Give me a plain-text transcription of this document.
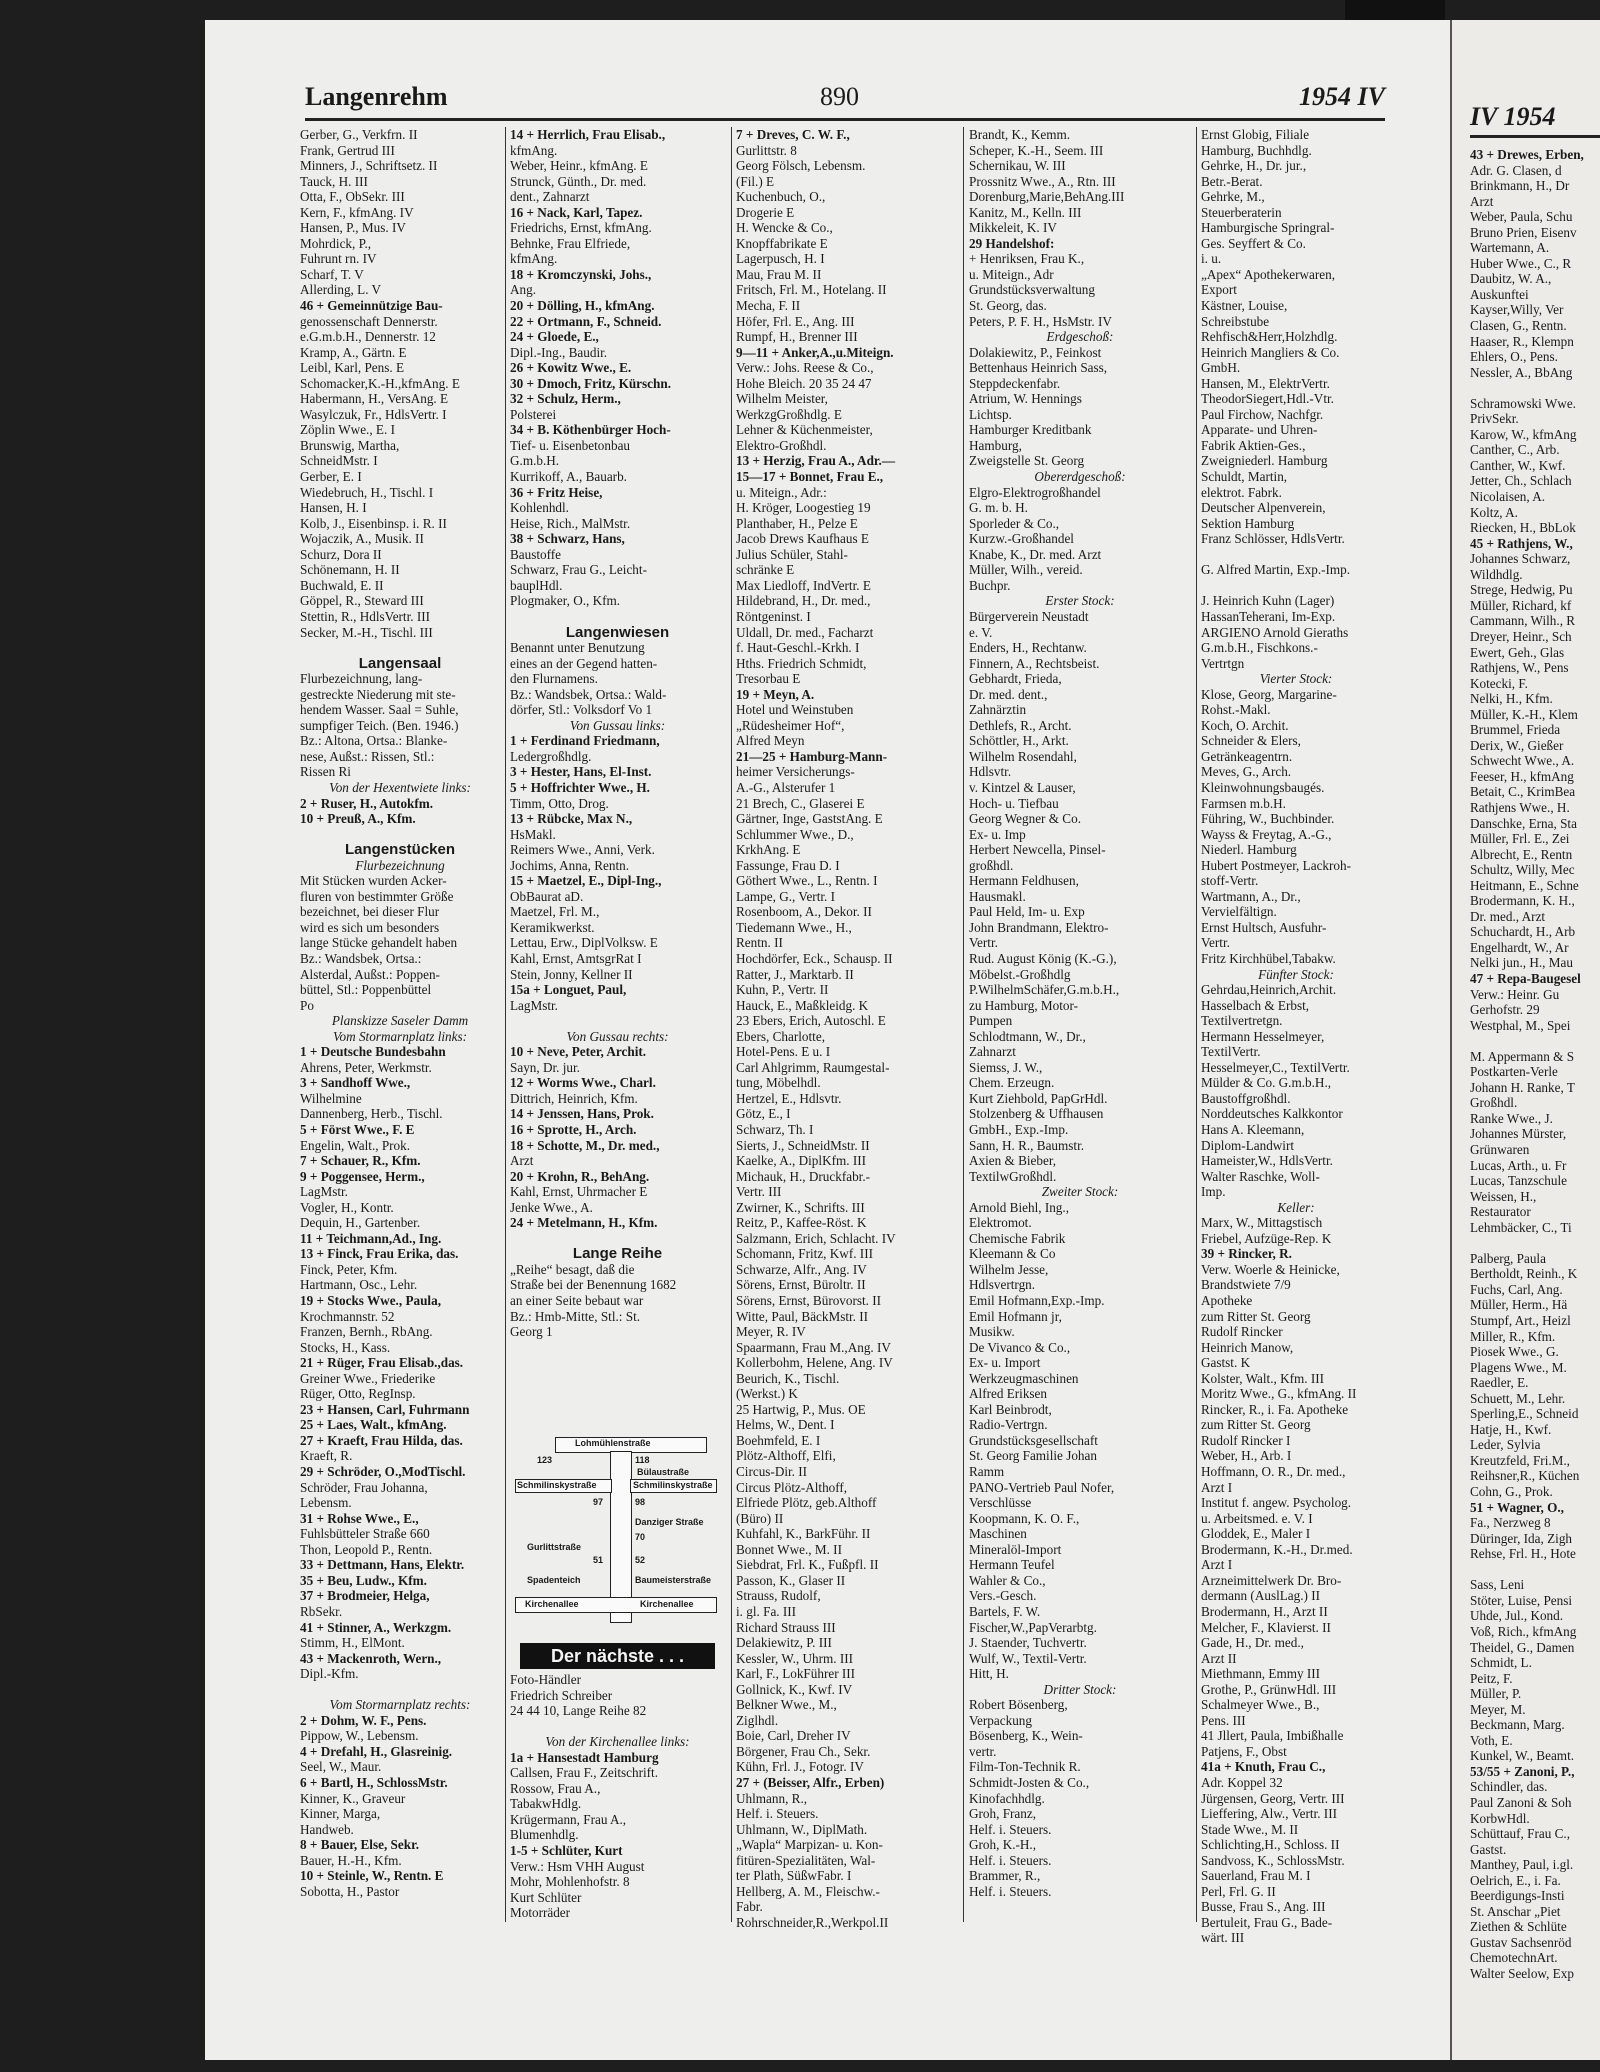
IV 1954
43 + Drewes, Erben,
Adr. G. Clasen, d
Brinkmann, H., Dr
Arzt
Weber, Paula, Schu
Bruno Prien, Eisenv
Wartemann, A.
Huber Wwe., C., R
Daubitz, W. A.,
Auskunftei
Kayser,Willy, Ver
Clasen, G., Rentn.
Haaser, R., Klempn
Ehlers, O., Pens.
Nessler, A., BbAng
Schramowski Wwe.
PrivSekr.
Karow, W., kfmAng
Canther, C., Arb.
Canther, W., Kwf.
Jetter, Ch., Schlach
Nicolaisen, A.
Koltz, A.
Riecken, H., BbLok
45 + Rathjens, W.,
Johannes Schwarz,
Wildhdlg.
Strege, Hedwig, Pu
Müller, Richard, kf
Cammann, Wilh., R
Dreyer, Heinr., Sch
Ewert, Geh., Glas
Rathjens, W., Pens
Kotecki, F.
Nelki, H., Kfm.
Müller, K.-H., Klem
Brummel, Frieda
Derix, W., Gießer
Schwecht Wwe., A.
Feeser, H., kfmAng
Betait, C., KrimBea
Rathjens Wwe., H.
Danschke, Erna, Sta
Müller, Frl. E., Zei
Albrecht, E., Rentn
Schultz, Willy, Mec
Heitmann, E., Schne
Brodermann, K. H.,
Dr. med., Arzt
Schuchardt, H., Arb
Engelhardt, W., Ar
Nelki jun., H., Mau
47 + Repa-Baugesel
Verw.: Heinr. Gu
Gerhofstr. 29
Westphal, M., Spei
M. Appermann & S
Postkarten-Verle
Johann H. Ranke, T
Großhdl.
Ranke Wwe., J.
Johannes Mürster,
Grünwaren
Lucas, Arth., u. Fr
Lucas, Tanzschule
Weissen, H.,
Restaurator
Lehmbäcker, C., Ti
Palberg, Paula
Bertholdt, Reinh., K
Fuchs, Carl, Ang.
Müller, Herm., Hä
Stumpf, Art., Heizl
Miller, R., Kfm.
Piosek Wwe., G.
Plagens Wwe., M.
Raedler, E.
Schuett, M., Lehr.
Sperling,E., Schneid
Hatje, H., Kwf.
Leder, Sylvia
Kreutzfeld, Fri.M.,
Reihsner,R., Küchen
Cohn, G., Prok.
51 + Wagner, O.,
Fa., Nerzweg 8
Düringer, Ida, Zigh
Rehse, Frl. H., Hote
Sass, Leni
Stöter, Luise, Pensi
Uhde, Jul., Kond.
Voß, Rich., kfmAng
Theidel, G., Damen
Schmidt, L.
Peitz, F.
Müller, P.
Meyer, M.
Beckmann, Marg.
Voth, E.
Kunkel, W., Beamt.
53/55 + Zanoni, P.,
Schindler, das.
Paul Zanoni & Soh
KorbwHdl.
Schüttauf, Frau C.,
Gastst.
Manthey, Paul, i.gl.
Oelrich, E., i. Fa.
Beerdigungs-Insti
St. Anschar „Piet
Ziethen & Schlüte
Gustav Sachsenröd
ChemotechnArt.
Walter Seelow, Exp
Langenrehm	890	1954 IV
Gerber, G., Verkfrn. II
Frank, Gertrud III
Minners, J., Schriftsetz. II
Tauck, H. III
Otta, F., ObSekr. III
Kern, F., kfmAng. IV
Hansen, P., Mus. IV
Mohrdick, P.,
Fuhrunt rn. IV
Scharf, T. V
Allerding, L. V
46 + Gemeinnützige Bau-
genossenschaft Dennerstr.
e.G.m.b.H., Dennerstr. 12
Kramp, A., Gärtn. E
Leibl, Karl, Pens. E
Schomacker,K.-H.,kfmAng. E
Habermann, H., VersAng. E
Wasylczuk, Fr., HdlsVertr. I
Zöplin Wwe., E. I
Brunswig, Martha,
SchneidMstr. I
Gerber, E. I
Wiedebruch, H., Tischl. I
Hansen, H. I
Kolb, J., Eisenbinsp. i. R. II
Wojaczik, A., Musik. II
Schurz, Dora II
Schönemann, H. II
Buchwald, E. II
Göppel, R., Steward III
Stettin, R., HdlsVertr. III
Secker, M.-H., Tischl. III
Langensaal
Flurbezeichnung, lang-
gestreckte Niederung mit ste-
hendem Wasser. Saal = Suhle,
sumpfiger Teich. (Ben. 1946.)
Bz.: Altona, Ortsa.: Blanke-
nese, Außst.: Rissen, Stl.:
Rissen Ri
Von der Hexentwiete links:
2 + Ruser, H., Autokfm.
10 + Preuß, A., Kfm.
Langenstücken
Flurbezeichnung
Mit Stücken wurden Acker-
fluren von bestimmter Größe
bezeichnet, bei dieser Flur
wird es sich um besonders
lange Stücke gehandelt haben
Bz.: Wandsbek, Ortsa.:
Alsterdal, Außst.: Poppen-
büttel, Stl.: Poppenbüttel
Po
Planskizze Saseler Damm
Vom Stormarnplatz links:
1 + Deutsche Bundesbahn
Ahrens, Peter, Werkmstr.
3 + Sandhoff Wwe.,
Wilhelmine
Dannenberg, Herb., Tischl.
5 + Först Wwe., F. E
Engelin, Walt., Prok.
7 + Schauer, R., Kfm.
9 + Poggensee, Herm.,
LagMstr.
Vogler, H., Kontr.
Dequin, H., Gartenber.
11 + Teichmann,Ad., Ing.
13 + Finck, Frau Erika, das.
Finck, Peter, Kfm.
Hartmann, Osc., Lehr.
19 + Stocks Wwe., Paula,
Krochmannstr. 52
Franzen, Bernh., RbAng.
Stocks, H., Kass.
21 + Rüger, Frau Elisab.,das.
Greiner Wwe., Friederike
Rüger, Otto, RegInsp.
23 + Hansen, Carl, Fuhrmann
25 + Laes, Walt., kfmAng.
27 + Kraeft, Frau Hilda, das.
Kraeft, R.
29 + Schröder, O.,ModTischl.
Schröder, Frau Johanna,
Lebensm.
31 + Rohse Wwe., E.,
Fuhlsbütteler Straße 660
Thon, Leopold P., Rentn.
33 + Dettmann, Hans, Elektr.
35 + Beu, Ludw., Kfm.
37 + Brodmeier, Helga,
RbSekr.
41 + Stinner, A., Werkzgm.
Stimm, H., ElMont.
43 + Mackenroth, Wern.,
Dipl.-Kfm.
Vom Stormarnplatz rechts:
2 + Dohm, W. F., Pens.
Pippow, W., Lebensm.
4 + Drefahl, H., Glasreinig.
Seel, W., Maur.
6 + Bartl, H., SchlossMstr.
Kinner, K., Graveur
Kinner, Marga,
Handweb.
8 + Bauer, Else, Sekr.
Bauer, H.-H., Kfm.
10 + Steinle, W., Rentn. E
Sobotta, H., Pastor
14 + Herrlich, Frau Elisab.,
kfmAng.
Weber, Heinr., kfmAng. E
Strunck, Günth., Dr. med.
dent., Zahnarzt
16 + Nack, Karl, Tapez.
Friedrichs, Ernst, kfmAng.
Behnke, Frau Elfriede,
kfmAng.
18 + Kromczynski, Johs.,
Ang.
20 + Dölling, H., kfmAng.
22 + Ortmann, F., Schneid.
24 + Gloede, E.,
Dipl.-Ing., Baudir.
26 + Kowitz Wwe., E.
30 + Dmoch, Fritz, Kürschn.
32 + Schulz, Herm.,
Polsterei
34 + B. Köthenbürger Hoch-
Tief- u. Eisenbetonbau
G.m.b.H.
Kurrikoff, A., Bauarb.
36 + Fritz Heise,
Kohlenhdl.
Heise, Rich., MalMstr.
38 + Schwarz, Hans,
Baustoffe
Schwarz, Frau G., Leicht-
bauplHdl.
Plogmaker, O., Kfm.
Langenwiesen
Benannt unter Benutzung
eines an der Gegend hatten-
den Flurnamens.
Bz.: Wandsbek, Ortsa.: Wald-
dörfer, Stl.: Volksdorf Vo 1
Von Gussau links:
1 + Ferdinand Friedmann,
Ledergroßhdlg.
3 + Hester, Hans, El-Inst.
5 + Hoffrichter Wwe., H.
Timm, Otto, Drog.
13 + Rübcke, Max N.,
HsMakl.
Reimers Wwe., Anni, Verk.
Jochims, Anna, Rentn.
15 + Maetzel, E., Dipl-Ing.,
ObBaurat aD.
Maetzel, Frl. M.,
Keramikwerkst.
Lettau, Erw., DiplVolksw. E
Kahl, Ernst, AmtsgrRat I
Stein, Jonny, Kellner II
15a + Longuet, Paul,
LagMstr.
Von Gussau rechts:
10 + Neve, Peter, Archit.
Sayn, Dr. jur.
12 + Worms Wwe., Charl.
Dittrich, Heinrich, Kfm.
14 + Jenssen, Hans, Prok.
16 + Sprotte, H., Arch.
18 + Schotte, M., Dr. med.,
Arzt
20 + Krohn, R., BehAng.
Kahl, Ernst, Uhrmacher E
Jenke Wwe., A.
24 + Metelmann, H., Kfm.
Lange Reihe
„Reihe“ besagt, daß die
Straße bei der Benennung 1682
an einer Seite bebaut war
Bz.: Hmb-Mitte, Stl.: St.
Georg 1
7 + Dreves, C. W. F.,
Gurlittstr. 8
Georg Fölsch, Lebensm.
(Fil.) E
Kuchenbuch, O.,
Drogerie E
H. Wencke & Co.,
Knopffabrikate E
Lagerpusch, H. I
Mau, Frau M. II
Fritsch, Frl. M., Hotelang. II
Mecha, F. II
Höfer, Frl. E., Ang. III
Rumpf, H., Brenner III
9—11 + Anker,A.,u.Miteign.
Verw.: Johs. Reese & Co.,
Hohe Bleich. 20 35 24 47
Wilhelm Meister,
WerkzgGroßhdlg. E
Lehner & Küchenmeister,
Elektro-Großhdl.
13 + Herzig, Frau A., Adr.—
15—17 + Bonnet, Frau E.,
u. Miteign., Adr.:
H. Kröger, Loogestieg 19
Planthaber, H., Pelze E
Jacob Drews Kaufhaus E
Julius Schüler, Stahl-
schränke E
Max Liedloff, IndVertr. E
Hildebrand, H., Dr. med.,
Röntgeninst. I
Uldall, Dr. med., Facharzt
f. Haut-Geschl.-Krkh. I
Hths. Friedrich Schmidt,
Tresorbau E
19 + Meyn, A.
Hotel und Weinstuben
„Rüdesheimer Hof“,
Alfred Meyn
21—25 + Hamburg-Mann-
heimer Versicherungs-
A.-G., Alsterufer 1
21 Brech, C., Glaserei E
Gärtner, Inge, GaststAng. E
Schlummer Wwe., D.,
KrkhAng. E
Fassunge, Frau D. I
Göthert Wwe., L., Rentn. I
Lampe, G., Vertr. I
Rosenboom, A., Dekor. II
Tiedemann Wwe., H.,
Rentn. II
Hochdörfer, Eck., Schausp. II
Ratter, J., Marktarb. II
Kuhn, P., Vertr. II
Hauck, E., Maßkleidg. K
23 Ebers, Erich, Autoschl. E
Ebers, Charlotte,
Hotel-Pens. E u. I
Carl Ahlgrimm, Raumgestal-
tung, Möbelhdl.
Hertzel, E., Hdlsvtr.
Götz, E., I
Schwarz, Th. I
Sierts, J., SchneidMstr. II
Kaelke, A., DiplKfm. III
Michauk, H., Druckfabr.-
Vertr. III
Zwirner, K., Schrifts. III
Reitz, P., Kaffee-Röst. K
Salzmann, Erich, Schlacht. IV
Schomann, Fritz, Kwf. III
Schwarze, Alfr., Ang. IV
Sörens, Ernst, Büroltr. II
Sörens, Ernst, Bürovorst. II
Witte, Paul, BäckMstr. II
Meyer, R. IV
Spaarmann, Frau M.,Ang. IV
Kollerbohm, Helene, Ang. IV
Beurich, K., Tischl.
(Werkst.) K
25 Hartwig, P., Mus. OE
Helms, W., Dent. I
Boehmfeld, E. I
Plötz-Althoff, Elfi,
Circus-Dir. II
Circus Plötz-Althoff,
Elfriede Plötz, geb.Althoff
(Büro) II
Kuhfahl, K., BarkFühr. II
Bonnet Wwe., M. II
Siebdrat, Frl. K., Fußpfl. II
Passon, K., Glaser II
Strauss, Rudolf,
i. gl. Fa. III
Richard Strauss III
Delakiewitz, P. III
Kessler, W., Uhrm. III
Karl, F., LokFührer III
Gollnick, K., Kwf. IV
Belkner Wwe., M.,
Ziglhdl.
Boie, Carl, Dreher IV
Börgener, Frau Ch., Sekr.
Kühn, Frl. J., Fotogr. IV
27 + (Beisser, Alfr., Erben)
Uhlmann, R.,
Helf. i. Steuers.
Uhlmann, W., DiplMath.
„Wapla“ Marpizan- u. Kon-
fitüren-Spezialitäten, Wal-
ter Plath, SüßwFabr. I
Hellberg, A. M., Fleischw.-
Fabr.
Rohrschneider,R.,Werkpol.II
Brandt, K., Kemm.
Scheper, K.-H., Seem. III
Schernikau, W. III
Prossnitz Wwe., A., Rtn. III
Dorenburg,Marie,BehAng.III
Kanitz, M., Kelln. III
Mikkeleit, K. IV
29 Handelshof:
+ Henriksen, Frau K.,
u. Miteign., Adr
Grundstücksverwaltung
St. Georg, das.
Peters, P. F. H., HsMstr. IV
Erdgeschoß:
Dolakiewitz, P., Feinkost
Bettenhaus Heinrich Sass,
Steppdeckenfabr.
Atrium, W. Hennings
Lichtsp.
Hamburger Kreditbank
Hamburg,
Zweigstelle St. Georg
Obererdgeschoß:
Elgro-Elektrogroßhandel
G. m. b. H.
Sporleder & Co.,
Kurzw.-Großhandel
Knabe, K., Dr. med. Arzt
Müller, Wilh., vereid.
Buchpr.
Erster Stock:
Bürgerverein Neustadt
e. V.
Enders, H., Rechtanw.
Finnern, A., Rechtsbeist.
Gebhardt, Frieda,
Dr. med. dent.,
Zahnärztin
Dethlefs, R., Archt.
Schöttler, H., Arkt.
Wilhelm Rosendahl,
Hdlsvtr.
v. Kintzel & Lauser,
Hoch- u. Tiefbau
Georg Wegner & Co.
Ex- u. Imp
Herbert Newcella, Pinsel-
großhdl.
Hermann Feldhusen,
Hausmakl.
Paul Held, Im- u. Exp
John Brandmann, Elektro-
Vertr.
Rud. August König (K.-G.),
Möbelst.-Großhdlg
P.WilhelmSchäfer,G.m.b.H.,
zu Hamburg, Motor-
Pumpen
Schlodtmann, W., Dr.,
Zahnarzt
Siemss, J. W.,
Chem. Erzeugn.
Kurt Ziehbold, PapGrHdl.
Stolzenberg & Uffhausen
GmbH., Exp.-Imp.
Sann, H. R., Baumstr.
Axien & Bieber,
TextilwGroßhdl.
Zweiter Stock:
Arnold Biehl, Ing.,
Elektromot.
Chemische Fabrik
Kleemann & Co
Wilhelm Jesse,
Hdlsvertrgn.
Emil Hofmann,Exp.-Imp.
Emil Hofmann jr,
Musikw.
De Vivanco & Co.,
Ex- u. Import
Werkzeugmaschinen
Alfred Eriksen
Karl Beinbrodt,
Radio-Vertrgn.
Grundstücksgesellschaft
St. Georg Familie Johan
Ramm
PANO-Vertrieb Paul Nofer,
Verschlüsse
Koopmann, K. O. F.,
Maschinen
Mineralöl-Import
Hermann Teufel
Wahler & Co.,
Vers.-Gesch.
Bartels, F. W.
Fischer,W.,PapVerarbtg.
J. Staender, Tuchvertr.
Wulf, W., Textil-Vertr.
Hitt, H.
Dritter Stock:
Robert Bösenberg,
Verpackung
Bösenberg, K., Wein-
vertr.
Film-Ton-Technik R.
Schmidt-Josten & Co.,
Kinofachhdlg.
Groh, Franz,
Helf. i. Steuers.
Groh, K.-H.,
Helf. i. Steuers.
Brammer, R.,
Helf. i. Steuers.
Ernst Globig, Filiale
Hamburg, Buchhdlg.
Gehrke, H., Dr. jur.,
Betr.-Berat.
Gehrke, M.,
Steuerberaterin
Hamburgische Springral-
Ges. Seyffert & Co.
i. u.
„Apex“ Apothekerwaren,
Export
Kästner, Louise,
Schreibstube
Rehfisch&Herr,Holzhdlg.
Heinrich Mangliers & Co.
GmbH.
Hansen, M., ElektrVertr.
TheodorSiegert,Hdl.-Vtr.
Paul Firchow, Nachfgr.
Apparate- und Uhren-
Fabrik Aktien-Ges.,
Zweigniederl. Hamburg
Schuldt, Martin,
elektrot. Fabrk.
Deutscher Alpenverein,
Sektion Hamburg
Franz Schlösser, HdlsVertr.
G. Alfred Martin, Exp.-Imp.
J. Heinrich Kuhn (Lager)
HassanTeherani, Im-Exp.
ARGIENO Arnold Gieraths
G.m.b.H., Fischkons.-
Vertrtgn
Vierter Stock:
Klose, Georg, Margarine-
Rohst.-Makl.
Koch, O. Archit.
Schneider & Elers,
Getränkeagentrn.
Meves, G., Arch.
Kleinwohnungsbaugés.
Farmsen m.b.H.
Führing, W., Buchbinder.
Wayss & Freytag, A.-G.,
Niederl. Hamburg
Hubert Postmeyer, Lackroh-
stoff-Vertr.
Wartmann, A., Dr.,
Vervielfältign.
Ernst Hultsch, Ausfuhr-
Vertr.
Fritz Kirchhübel,Tabakw.
Fünfter Stock:
Gehrdau,Heinrich,Archit.
Hasselbach & Erbst,
Textilvertretgn.
Hermann Hesselmeyer,
TextilVertr.
Hesselmeyer,C., TextilVertr.
Mülder & Co. G.m.b.H.,
Baustoffgroßhdl.
Norddeutsches Kalkkontor
Hans A. Kleemann,
Diplom-Landwirt
Hameister,W., HdlsVertr.
Walter Raschke, Woll-
Imp.
Keller:
Marx, W., Mittagstisch
Friebel, Aufzüge-Rep. K
39 + Rincker, R.
Verw. Woerle & Heinicke,
Brandstwiete 7/9
Apotheke
zum Ritter St. Georg
Rudolf Rincker
Heinrich Manow,
Gastst. K
Kolster, Walt., Kfm. III
Moritz Wwe., G., kfmAng. II
Rincker, R., i. Fa. Apotheke
zum Ritter St. Georg
Rudolf Rincker I
Weber, H., Arb. I
Hoffmann, O. R., Dr. med.,
Arzt I
Institut f. angew. Psycholog.
u. Arbeitsmed. e. V. I
Gloddek, E., Maler I
Brodermann, K.-H., Dr.med.
Arzt I
Arzneimittelwerk Dr. Bro-
dermann (AuslLag.) II
Brodermann, H., Arzt II
Melcher, F., Klavierst. II
Gade, H., Dr. med.,
Arzt II
Miethmann, Emmy III
Grothe, P., GrünwHdl. III
Schalmeyer Wwe., B.,
Pens. III
41 Jllert, Paula, Imbißhalle
Patjens, F., Obst
41a + Knuth, Frau C.,
Adr. Koppel 32
Jürgensen, Georg, Vertr. III
Lieffering, Alw., Vertr. III
Stade Wwe., M. II
Schlichting,H., Schloss. II
Sandvoss, K., SchlossMstr.
Sauerland, Frau M. I
Perl, Frl. G. II
Busse, Frau S., Ang. III
Bertuleit, Frau G., Bade-
wärt. III
Lohmühlenstraße
123	118
Bülaustraße
Schmilinskystraße	Schmilinskystraße
97	98
Danziger Straße
70
Gurlittstraße
51	52
Spadenteich	Baumeisterstraße
Kirchenallee	Kirchenallee
Der nächste . . .
Foto-Händler
Friedrich Schreiber
24 44 10, Lange Reihe 82
Von der Kirchenallee links:
1a + Hansestadt Hamburg
Callsen, Frau F., Zeitschrift.
Rossow, Frau A.,
TabakwHdlg.
Krügermann, Frau A.,
Blumenhdlg.
1-5 + Schlüter, Kurt
Verw.: Hsm VHH August
Mohr, Mohlenhofstr. 8
Kurt Schlüter
Motorräder
